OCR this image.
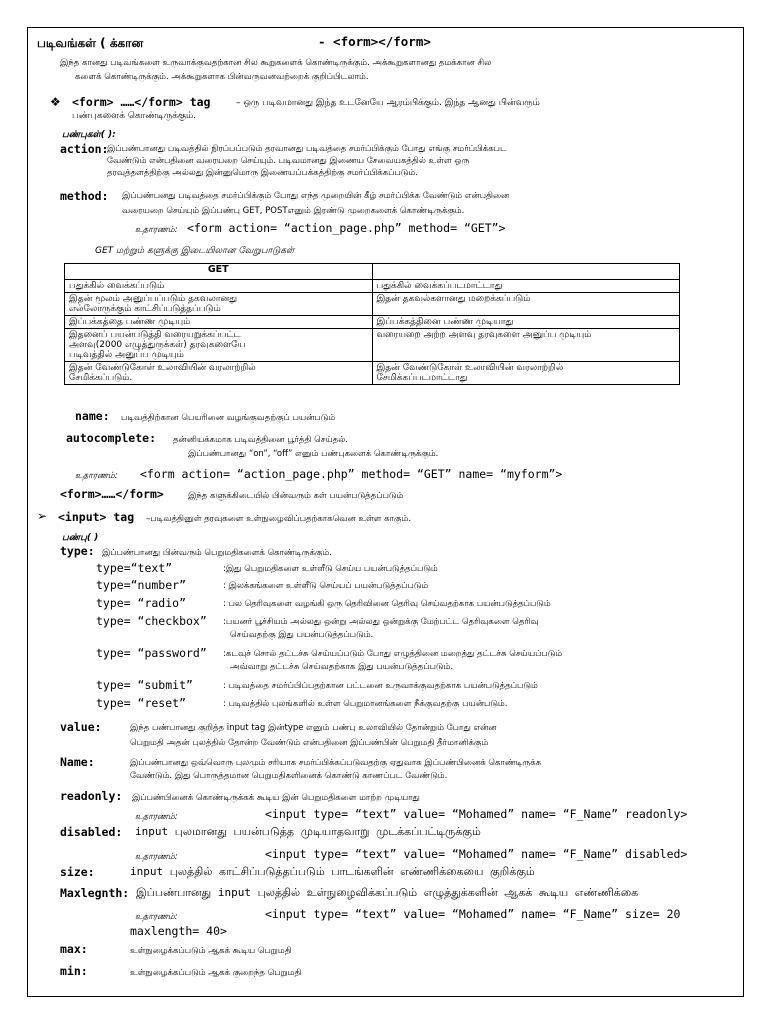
படிவங்கள் ( க்கான	- <form></form>
இந்த கானது படிவங்களை உருவாக்குவதற்கான சில கூறுகளைக் கொண்டிருக்கும். அக்கூறுகளானது தமக்கான சில
களைக் கொண்டிருக்கும். அக்கூறுகளாக பின்வருவனவற்றைக் குறிப்பிடலாம்.
❖ <form> ……</form> tag	– ஒரு படிவமானது இந்த உடனேயே ஆரம்பிக்கும். இந்த ஆனது பின்வரும்
பண்புகளைக் கொண்டிருக்கும்.
பண்புகள்( ):
action:
இப்பண்பானது படிவத்தில் நிரப்பப்படும் தரவானது படிவத்தை சமர்ப்பிக்கும் போது எங்கு சமர்ப்பிக்கபட
வேண்டும் என்பதினை வரையறை செய்யும். படிவமானது இணைய சேவையகத்தில் உள்ள ஒரு
தரவுத்தளத்திற்கு அல்லது இன்னுமொரு இணையப்பக்கத்திற்கு சமர்ப்பிக்கப்படும்.
method: இப்பண்பனது படிவத்தை சமர்ப்பிக்கும் போது எந்த முறையின் கீழ் சமர்ப்பிக்க வேண்டும் என்பதினை
வரையறை செய்யும் இப்பண்பு GET, POSTஎனும் இரண்டு முறைகளைக் கொண்டிருக்கும்.
உதாரணம்: <form action= “action_page.php” method= “GET”>
GET மற்றும் களுக்கு இடையிலான வேறுபாடுகள்
GET	
பதுக்கில் வைக்கப்படும்	பதுக்கில் வைக்கப்படமாட்டாது
இதன் மூலம் அனுப்பப்படும் தகவலானது
எல்லோருக்கும் காட்சிப்படுத்தப்படும்	இதன் தகவல்களானது மறைக்கப்படும்
இப்பக்கத்தை பண்ண முடியும்	இப்பக்கத்தினை பண்ண முடியாது
இதனைப் பயன்படுத்தி வரையறுக்கப்பட்ட
அளவு(2000 எழுத்துருக்கள்) தரவுகளையே
படிவத்தில் அனுப்ப முடியும்	வரையறை அற்ற அளவு தரவுகளை அனுப்ப முடியும்
இதன் வேண்டுகோள் உலாவியின் வரலாற்றில்
சேமிக்கப்படும்.	இதன் வேண்டுகோள் உலாவியின் வரலாற்றில்
சேமிக்கப்படமாட்டாது
name: படிவத்திற்கான பெயரினை வழங்குவதற்குப் பயன்படும்
autocomplete: தன்னியக்கமாக படிவத்தினை பூர்த்தி செய்தல்.
இப்பண்பானது “on”, “off” எனும் பண்புகளைக் கொண்டிருக்கும்.
உதாரணம்: <form action= “action_page.php” method= “GET” name= “myform”>
<form>……</form>	இந்த களுக்கிடையில் பின்வரும் கள் பயன்படுத்தப்படும்
➢ <input> tag –படிவத்தினுள் தரவுகளை உள்நுழைவிப்பதற்காகவென உள்ள காகும்.
பண்பு( )
type: இப்பண்பானது பின்வரும் பெறுமதிகளைக் கொண்டிருக்கும்.
type=“text”	:இது பெறுமதிகளை உள்ளீடு செய்ய பயன்படுத்தப்படும்
type=“number”	: இலக்கங்களை உள்ளீடு செய்யப் பயன்படுத்தப்படும்
type= “radio”	: பல தெரிவுகளை வழங்கி ஒரு தெரிவினை தெரிவு செய்வதற்காக பயன்படுத்தப்படும்
type= “checkbox” :பயனர் பூச்சியம் அல்லது ஒன்று அல்லது ஒன்றுக்கு மேற்பட்ட தெரிவுகளை தெரிவு
செய்வதற்கு இது பயன்படுத்தப்படும்.
type= “password” :கடவுச் சொல் தட்டச்சு செய்யப்படும் போது எழுத்தினை மறைத்து தட்டச்சு செய்யப்படும்
அவ்வாறு தட்டச்சு செய்வதற்காக இது பயன்படுத்தப்படும்.
type= “submit”	: படிவத்தை சமர்ப்பிப்பதற்கான பட்டனை உருவாக்குவதற்காக பயன்படுத்தப்படும்
type= “reset”	: படிவத்தில் புலங்களில் உள்ள பெறுமானங்களை நீக்குவதற்கு பயன்படும்.
value:	இந்த பண்பானது குறித்த input tag இன்type எனும் பண்பு உலாவியில் தோன்றும் போது என்ன
பெறுமதி அதன் புலத்தில் தோன்ற வேண்டும் என்பதினை இப்பண்பின் பெறுமதி தீர்மானிக்கும்
Name:	இப்பண்பானது ஒவ்வொரு புலமும் சரியாக சமர்ப்பிக்கப்படுவதற்கு ஏதுவாக இப்பண்பினைக் கொண்டிருக்க
வேண்டும். இது பொருத்தமான பெறுமதிகளினைக் கொண்டு காணப்பட வேண்டும்.
readonly: இப்பண்பினைக் கொண்டிருக்கக் கூடிய இன் பெறுமதிகளை மாற்ற முடியாது
உதாரணம்:	<input type= “text” value= “Mohamed” name= “F_Name” readonly>
disabled: input புலமானது பயன்படுத்த முடியாதவாறு முடக்கப்பட்டிருக்கும்
உதாரணம்:	<input type= “text” value= “Mohamed” name= “F_Name” disabled>
size:	input புலத்தில் காட்சிப்படுத்தப்படும் பாடங்களின் எண்ணிக்கையை குறிக்கும்
Maxlegnth: இப்பண்பானது input புலத்தில் உள்நுழைவிக்கப்படும் எழுத்துக்களின் ஆகக் கூடிய எண்ணிக்கை
உதாரணம்:	<input type= “text” value= “Mohamed” name= “F_Name” size= 20
maxlength= 40>
max:	உள்நுழைக்கப்படும் ஆகக் கூடிய பெறுமதி
min:	உள்நுழைக்கப்படும் ஆகக் குறைந்த பெறுமதி
